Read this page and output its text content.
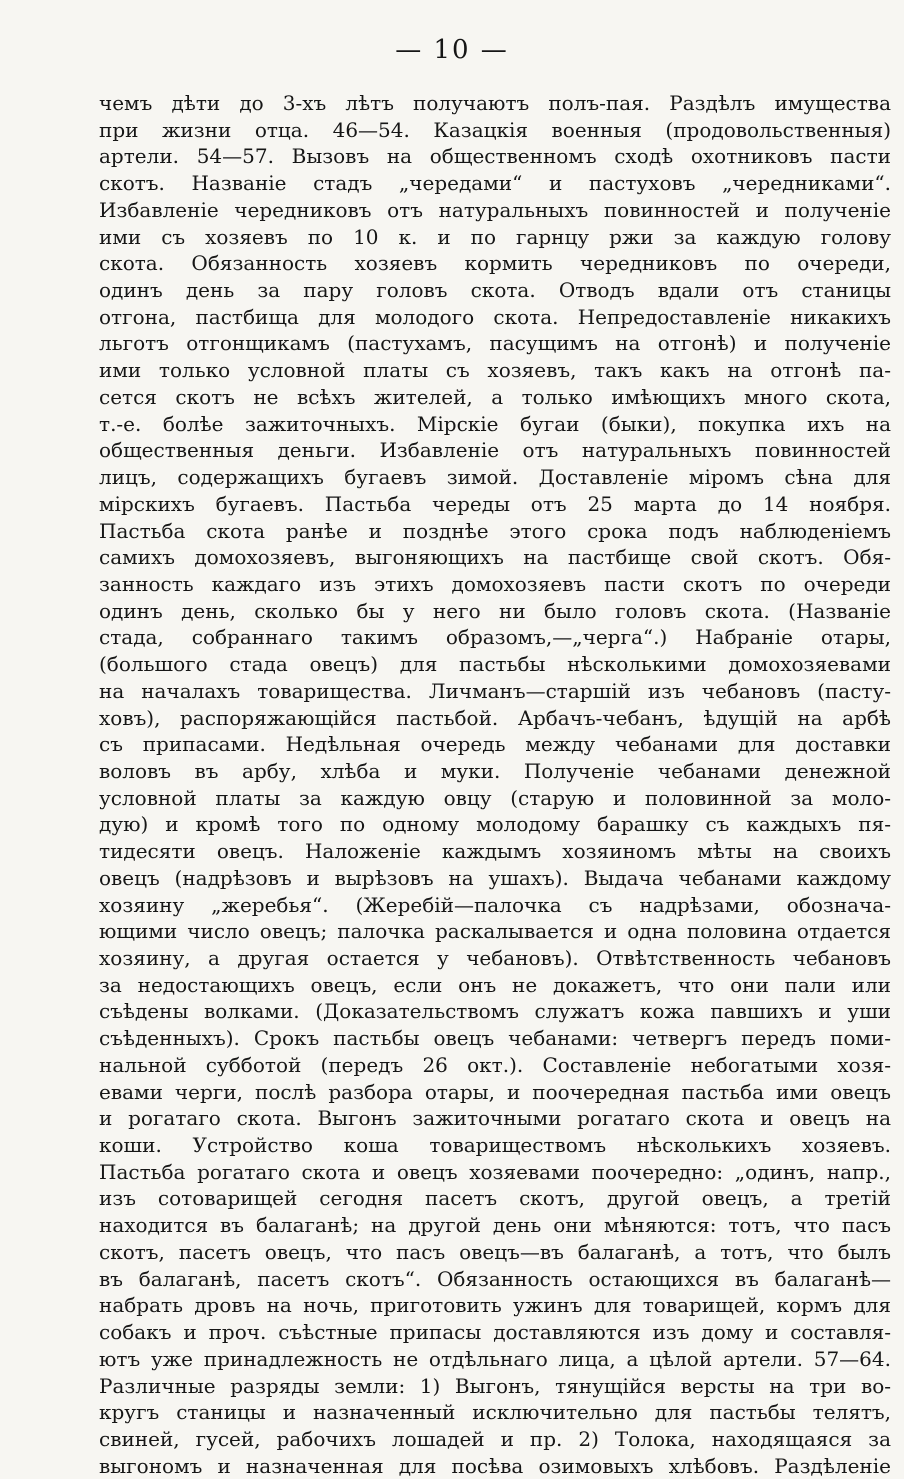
— 10 —
чемъ дѣти до 3-хъ лѣтъ получаютъ полъ-пая. Раздѣлъ имущества
при жизни отца. 46—54. Казацкія военныя (продовольственныя)
артели. 54—57. Вызовъ на общественномъ сходѣ охотниковъ пасти
скотъ. Названіе стадъ „чередами“ и пастуховъ „чередниками“.
Избавленіе чередниковъ отъ натуральныхъ повинностей и полученіе
ими съ хозяевъ по 10 к. и по гарнцу ржи за каждую голову
скота. Обязанность хозяевъ кормить чередниковъ по очереди,
одинъ день за пару головъ скота. Отводъ вдали отъ станицы
отгона, пастбища для молодого скота. Непредоставленіе никакихъ
льготъ отгонщикамъ (пастухамъ, пасущимъ на отгонѣ) и полученіе
ими только условной платы съ хозяевъ, такъ какъ на отгонѣ па-
сется скотъ не всѣхъ жителей, а только имѣющихъ много скота,
т.-е. болѣе зажиточныхъ. Мірскіе бугаи (быки), покупка ихъ на
общественныя деньги. Избавленіе отъ натуральныхъ повинностей
лицъ, содержащихъ бугаевъ зимой. Доставленіе міромъ сѣна для
мірскихъ бугаевъ. Пастьба череды отъ 25 марта до 14 ноября.
Пастьба скота ранѣе и позднѣе этого срока подъ наблюденіемъ
самихъ домохозяевъ, выгоняющихъ на пастбище свой скотъ. Обя-
занность каждаго изъ этихъ домохозяевъ пасти скотъ по очереди
одинъ день, сколько бы у него ни было головъ скота. (Названіе
стада, собраннаго такимъ образомъ,—„черга“.) Набраніе отары,
(большого стада овецъ) для пастьбы нѣсколькими домохозяевами
на началахъ товарищества. Личманъ—старшій изъ чебановъ (пасту-
ховъ), распоряжающійся пастьбой. Арбачъ-чебанъ, ѣдущій на арбѣ
съ припасами. Недѣльная очередь между чебанами для доставки
воловъ въ арбу, хлѣба и муки. Полученіе чебанами денежной
условной платы за каждую овцу (старую и половинной за моло-
дую) и кромѣ того по одному молодому барашку съ каждыхъ пя-
тидесяти овецъ. Наложеніе каждымъ хозяиномъ мѣты на своихъ
овецъ (надрѣзовъ и вырѣзовъ на ушахъ). Выдача чебанами каждому
хозяину „жеребья“. (Жеребій—палочка съ надрѣзами, обознача-
ющими число овецъ; палочка раскалывается и одна половина отдается
хозяину, а другая остается у чебановъ). Отвѣтственность чебановъ
за недостающихъ овецъ, если онъ не докажетъ, что они пали или
съѣдены волками. (Доказательствомъ служатъ кожа павшихъ и уши
съѣденныхъ). Срокъ пастьбы овецъ чебанами: четвергъ передъ поми-
нальной субботой (передъ 26 окт.). Составленіе небогатыми хозя-
евами черги, послѣ разбора отары, и поочередная пастьба ими овецъ
и рогатаго скота. Выгонъ зажиточными рогатаго скота и овецъ на
коши. Устройство коша товариществомъ нѣсколькихъ хозяевъ.
Пастьба рогатаго скота и овецъ хозяевами поочередно: „одинъ, напр.,
изъ сотоварищей сегодня пасетъ скотъ, другой овецъ, а третій
находится въ балаганѣ; на другой день они мѣняются: тотъ, что пасъ
скотъ, пасетъ овецъ, что пасъ овецъ—въ балаганѣ, а тотъ, что былъ
въ балаганѣ, пасетъ скотъ“. Обязанность остающихся въ балаганѣ—
набрать дровъ на ночь, приготовить ужинъ для товарищей, кормъ для
собакъ и проч. съѣстные припасы доставляются изъ дому и составля-
ютъ уже принадлежность не отдѣльнаго лица, а цѣлой артели. 57—64.
Различные разряды земли: 1) Выгонъ, тянущійся версты на три во-
кругъ станицы и назначенный исключительно для пастьбы телятъ,
свиней, гусей, рабочихъ лошадей и пр. 2) Толока, находящаяся за
выгономъ и назначенная для посѣва озимовыхъ хлѣбовъ. Раздѣленіе
